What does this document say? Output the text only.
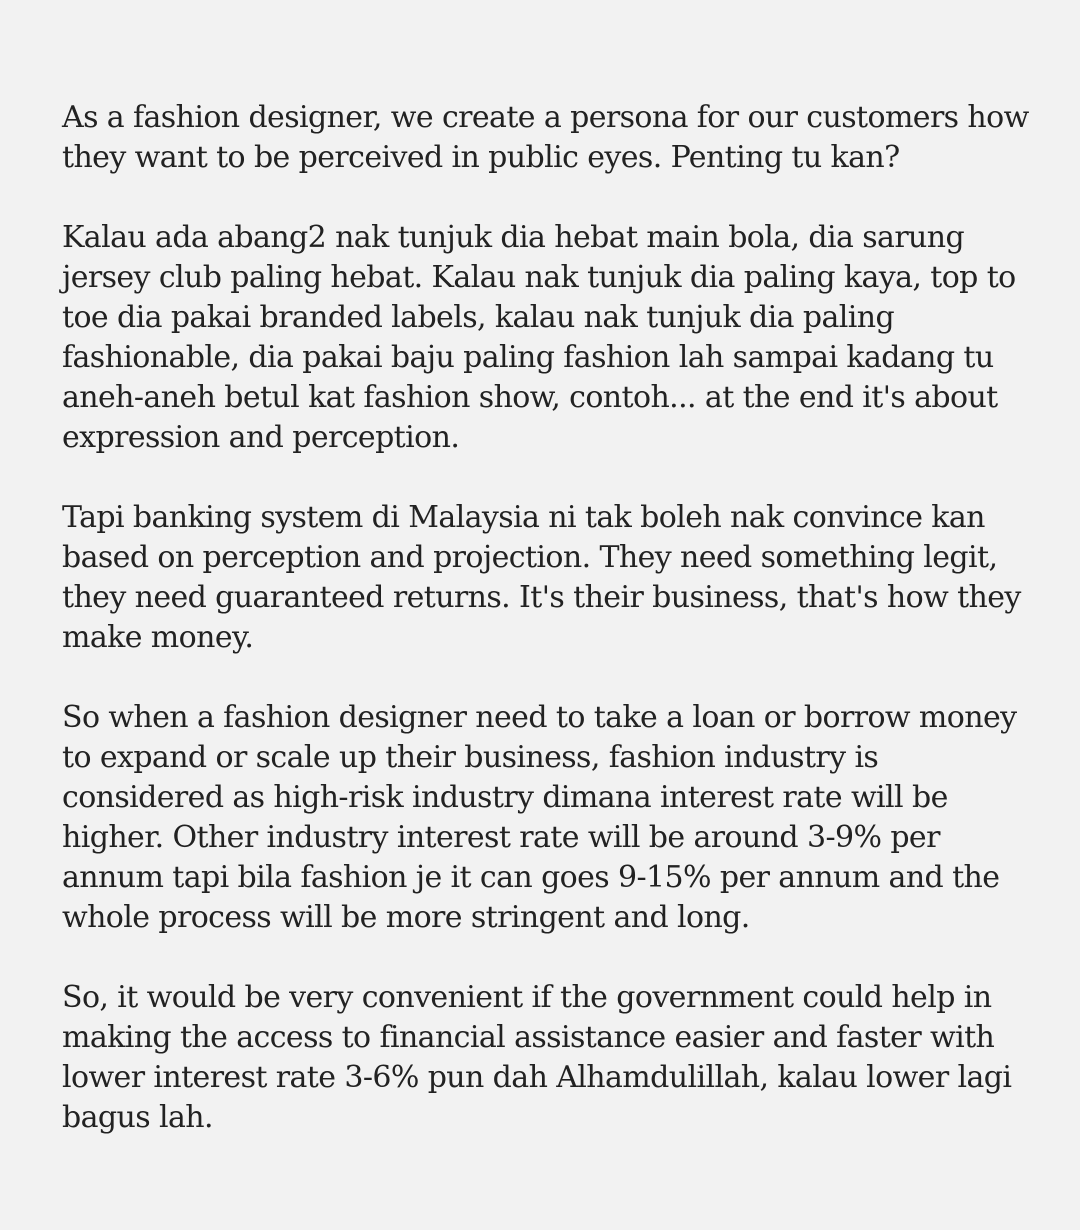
As a fashion designer, we create a persona for our customers how they want to be perceived in public eyes. Penting tu kan?

Kalau ada abang2 nak tunjuk dia hebat main bola, dia sarung jersey club paling hebat. Kalau nak tunjuk dia paling kaya, top to toe dia pakai branded labels, kalau nak tunjuk dia paling fashionable, dia pakai baju paling fashion lah sampai kadang tu aneh-aneh betul kat fashion show, contoh... at the end it's about expression and perception.

Tapi banking system di Malaysia ni tak boleh nak convince kan based on perception and projection. They need something legit, they need guaranteed returns. It's their business, that's how they make money.

So when a fashion designer need to take a loan or borrow money to expand or scale up their business, fashion industry is considered as high-risk industry dimana interest rate will be higher. Other industry interest rate will be around 3-9% per annum tapi bila fashion je it can goes 9-15% per annum and the whole process will be more stringent and long.

So, it would be very convenient if the government could help in making the access to financial assistance easier and faster with lower interest rate 3-6% pun dah Alhamdulillah, kalau lower lagi bagus lah.
